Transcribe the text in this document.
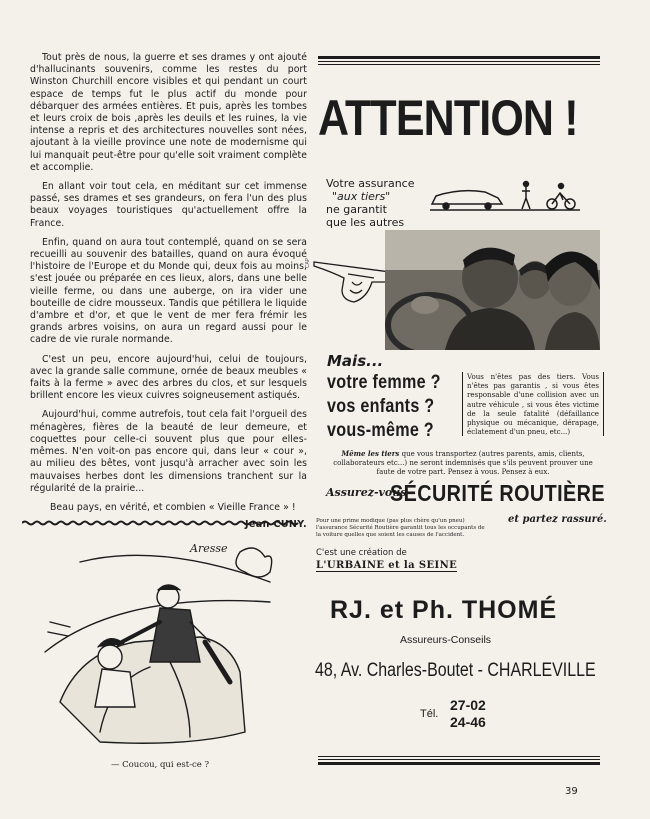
Tout près de nous, la guerre et ses drames y ont ajouté d'hallucinants souvenirs, comme les restes du port Winston Churchill encore visibles et qui pendant un court espace de temps fut le plus actif du monde pour débarquer des armées entières. Et puis, après les tombes et leurs croix de bois ,après les deuils et les ruines, la vie intense a repris et des architectures nouvelles sont nées, ajoutant à la vieille province une note de modernisme qui lui manquait peut-être pour qu'elle soit vraiment complète et accomplie.

En allant voir tout cela, en méditant sur cet immense passé, ses drames et ses grandeurs, on fera l'un des plus beaux voyages touristiques qu'actuellement offre la France.

Enfin, quand on aura tout contemplé, quand on se sera recueilli au souvenir des batailles, quand on aura évoqué l'histoire de l'Europe et du Monde qui, deux fois au moins, s'est jouée ou préparée en ces lieux, alors, dans une belle vieille ferme, ou dans une auberge, on ira vider une bouteille de cidre mousseux. Tandis que pétillera le liquide d'ambre et d'or, et que le vent de mer fera frémir les grands arbres voisins, on aura un regard aussi pour le cadre de vie rurale normande.

C'est un peu, encore aujourd'hui, celui de toujours, avec la grande salle commune, ornée de beaux meubles « faits à la ferme » avec des arbres du clos, et sur lesquels brillent encore les vieux cuivres soigneusement astiqués.

Aujourd'hui, comme autrefois, tout cela fait l'orgueil des ménagères, fières de la beauté de leur demeure, et coquettes pour celle-ci souvent plus que pour elles-mêmes. N'en voit-on pas encore qui, dans leur « cour », au milieu des bêtes, vont jusqu'à arracher avec soin les mauvaises herbes dont les dimensions tranchent sur la régularité de la prairie...

Beau pays, en vérité, et combien « Vieille France » !

Jean CUNY.
Aresse
— Coucou, qui est-ce ?
ATTENTION !
Votre assurance
"aux tiers"
ne garantit
que les autres
CAP
Mais...
votre femme ?
vos enfants ?
vous-même ?
Vous n'êtes pas des tiers. Vous n'êtes pas garantis , si vous êtes responsable d'une collision avec un autre véhicule , si vous êtes victime de la seule fatalité (défaillance physique ou mécanique, dérapage, éclatement d'un pneu, etc...)
Même les tiers que vous transportez (autres parents, amis, clients, collaborateurs etc...) ne seront indemnisés que s'ils peuvent prouver une faute de votre part. Pensez à vous. Pensez à eux.
Assurez-vous
SÉCURITÉ ROUTIÈRE
et partez rassuré.
Pour une prime modique (pas plus chère qu'un pneu) l'assurance Sécurité Routière garantit tous les occupants de la voiture quelles que soient les causes de l'accident.
C'est une création de
L'URBAINE et la SEINE
RJ. et Ph. THOMÉ
Assureurs-Conseils
48, Av. Charles-Boutet - CHARLEVILLE
Tél.
27-02
24-46
39
